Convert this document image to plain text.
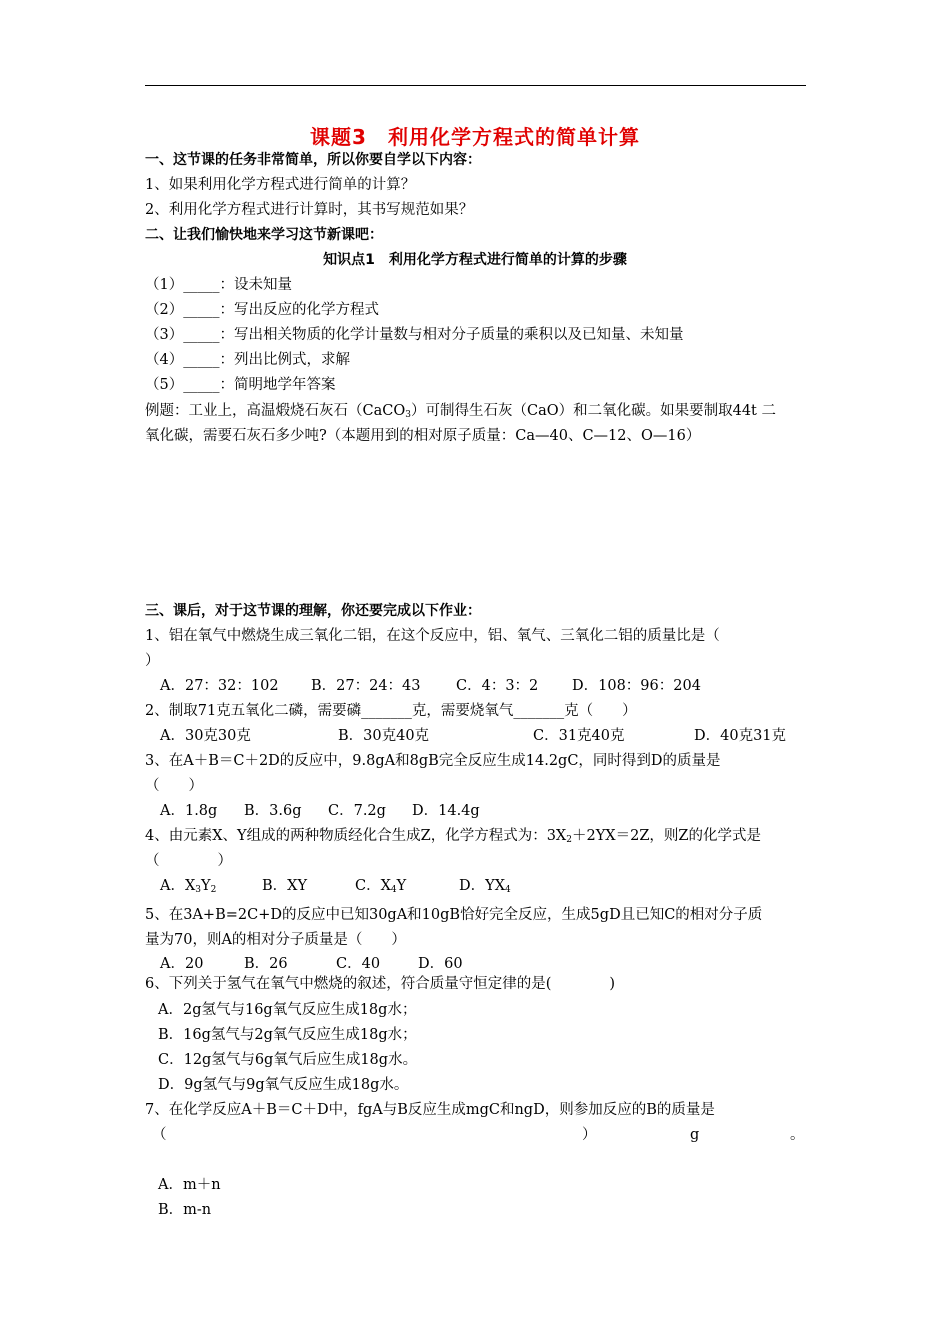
课题3　利用化学方程式的简单计算
一、这节课的任务非常简单，所以你要自学以下内容：
1、如果利用化学方程式进行简单的计算？
2、利用化学方程式进行计算时，其书写规范如果？
二、让我们愉快地来学习这节新课吧：
知识点1　利用化学方程式进行简单的计算的步骤
（1）_____：设未知量
（2）_____：写出反应的化学方程式
（3）_____：写出相关物质的化学计量数与相对分子质量的乘积以及已知量、未知量
（4）_____：列出比例式，求解
（5）_____：简明地学年答案
例题：工业上，高温煅烧石灰石（CaCO$_3$）可制得生石灰（CaO）和二氧化碳。如果要制取44t 二
氧化碳，需要石灰石多少吨?（本题用到的相对原子质量：Ca—40、C—12、O—16）
三、课后，对于这节课的理解，你还要完成以下作业：
1、铝在氧气中燃烧生成三氧化二铝，在这个反应中，铝、氧气、三氧化二铝的质量比是（
）
A．27：32：102 B．27：24：43 C．4：3：2 D．108：96：204
2、制取71克五氧化二磷，需要磷_______克，需要烧氧气_______克（　　）
A．30克30克	B．30克40克	C．31克40克	D．40克31克
3、在A＋B＝C＋2D的反应中，9.8gA和8gB完全反应生成14.2gC，同时得到D的质量是
（　　）
A．1.8g B．3.6g C．7.2g D．14.4g
4、由元素X、Y组成的两种物质经化合生成Z，化学方程式为：$3X_2+2YX=2Z$，则Z的化学式是
（　　　　）
A．$X_3Y_2$	B．XY	C．$X_4Y$	D．$YX_4$
5、在3A+B=2C+D的反应中已知30gA和10gB恰好完全反应，生成5gD且已知C的相对分子质
量为70，则A的相对分子质量是（　　）
A．20	B．26	C．40	D．60
6、下列关于氢气在氧气中燃烧的叙述，符合质量守恒定律的是(　　　　)
A．2g氢气与16g氧气反应生成18g水；
B．16g氢气与2g氧气反应生成18g水；
C．12g氢气与6g氧气后应生成18g水。
D．9g氢气与9g氧气反应生成18g水。
7、在化学反应A＋B＝C＋D中，fgA与B反应生成mgC和ngD，则参加反应的B的质量是
（	）	g	。
A．m＋n
B．m-n
